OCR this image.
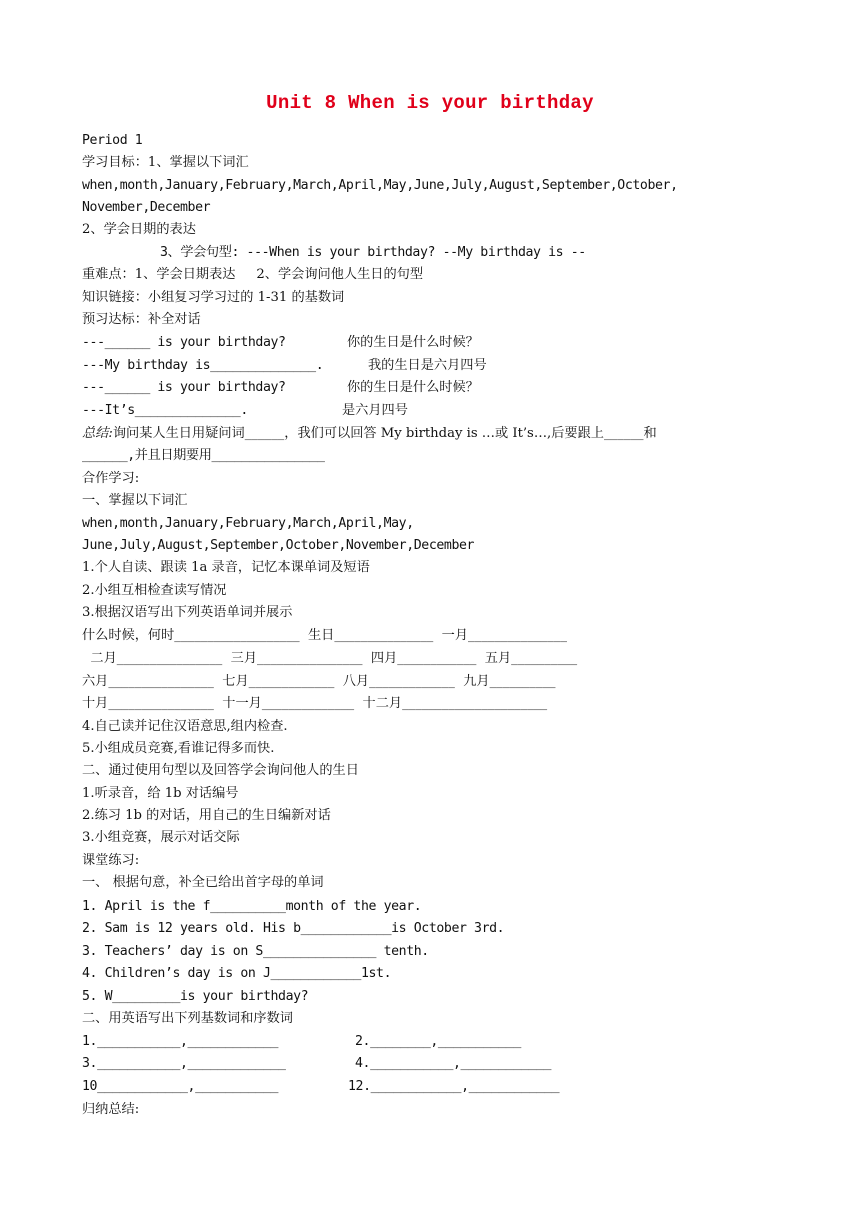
Unit 8 When is your birthday
Period 1
学习目标：1、掌握以下词汇
when,month,January,February,March,April,May,June,July,August,September,October,
November,December
2、学会日期的表达
3、学会句型: ---When is your birthday? --My birthday is --
重难点：1、学会日期表达     2、学会询问他人生日的句型
知识链接：小组复习学习过的 1-31 的基数词
预习达标：补全对话
---______ is your birthday?	你的生日是什么时候？
---My birthday is______________.	我的生日是六月四号
---______ is your birthday?	你的生日是什么时候？
---It’s______________.	是六月四号
总结:询问某人生日用疑问词______，我们可以回答 My birthday is …或 It’s…,后要跟上______和
______,并且日期要用_______________
合作学习:
一、掌握以下词汇
when,month,January,February,March,April,May,
June,July,August,September,October,November,December
1.个人自读、跟读 1a 录音，记忆本课单词及短语
2.小组互相检查读写情况
3.根据汉语写出下列英语单词并展示
什么时候，何时___________________  生日_______________  一月_______________
二月________________  三月________________  四月____________  五月__________
六月________________  七月_____________  八月_____________  九月__________
十月________________  十一月______________  十二月______________________
4.自己读并记住汉语意思,组内检查.
5.小组成员竞赛,看谁记得多而快.
二、通过使用句型以及回答学会询问他人的生日
1.听录音，给 1b 对话编号
2.练习 1b 的对话，用自己的生日编新对话
3.小组竞赛，展示对话交际
课堂练习:
一、 根据句意，补全已给出首字母的单词
1. April is the f__________month of the year.
2. Sam is 12 years old. His b____________is October 3rd.
3. Teachers’ day is on S_______________ tenth.
4. Children’s day is on J____________1st.
5. W_________is your birthday?
二、用英语写出下列基数词和序数词
1.___________,____________	2.________,___________
3.___________,_____________	4.___________,____________
10____________,___________	12.____________,____________
归纳总结:
